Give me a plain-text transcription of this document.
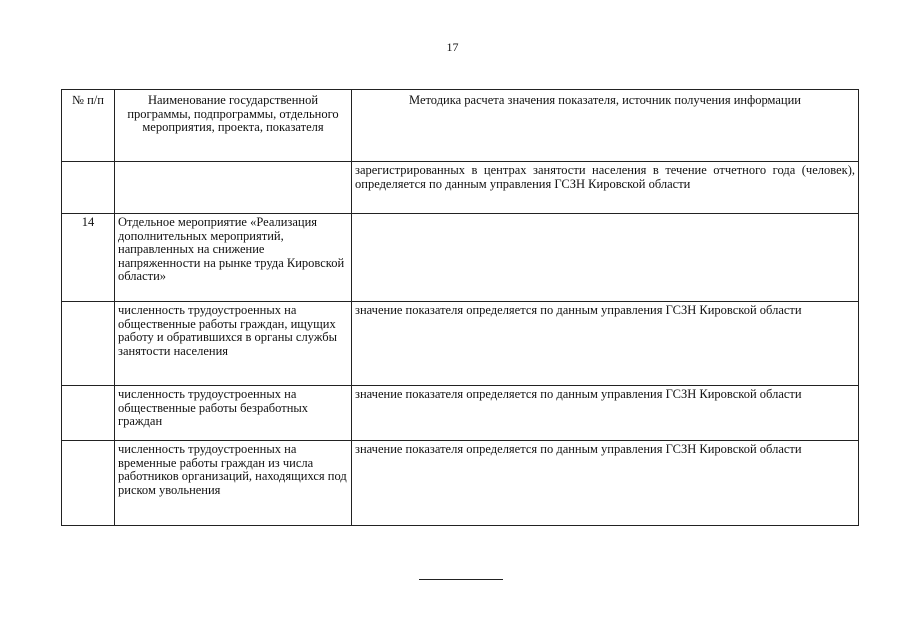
17
№ п/п	Наименование государственной программы, подпрограммы, отдельного мероприятия, проекта, показателя	Методика расчета значения показателя, источник получения информации
		зарегистрированных в центрах занятости населения в течение отчетного года (человек), определяется по данным управления ГСЗН Кировской области
14	Отдельное мероприятие «Реализация дополнительных мероприятий, направленных на снижение напряженности на рынке труда Кировской области»	
	численность трудоустроенных на общественные работы граждан, ищущих работу и обратившихся в органы службы занятости населения	значение показателя определяется по данным управления ГСЗН Кировской области
	численность трудоустроенных на общественные работы безработных граждан	значение показателя определяется по данным управления ГСЗН Кировской области
	численность трудоустроенных на временные работы граждан из числа работников организаций, находящихся под риском увольнения	значение показателя определяется по данным управления ГСЗН Кировской области
